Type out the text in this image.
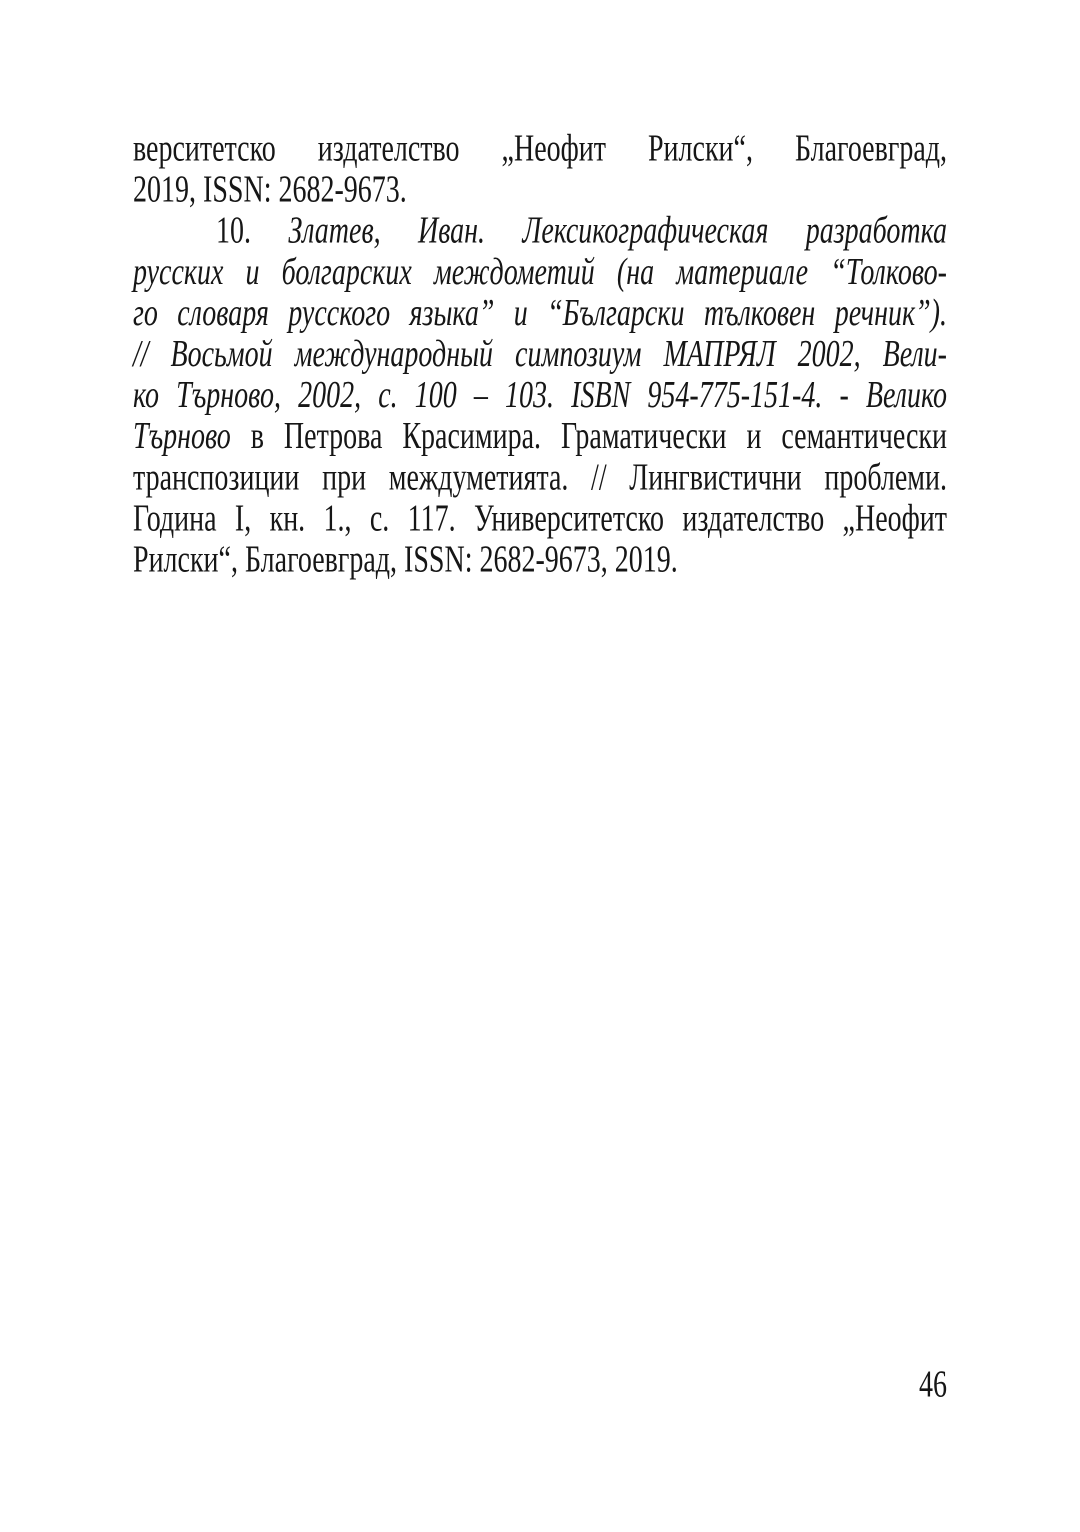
верситетско издателство „Неофит Рилски“, Благоевград,
2019, ISSN: 2682-9673.
10. Златев, Иван. Лексикографическая разработка
русских и болгарских междометий (на материале “Толково-
го словаря русского языка” и “Български тълковен речник”).
// Восьмой международный симпозиум МАПРЯЛ 2002, Вели-
ко Търново, 2002, с. 100 – 103. ISBN 954-775-151-4. - Велико
Търново в Петрова Красимира. Граматически и семантически
транспозиции при междуметията. // Лингвистични проблеми.
Година I, кн. 1., с. 117. Университетско издателство „Неофит
Рилски“, Благоевград, ISSN: 2682-9673, 2019.
46
